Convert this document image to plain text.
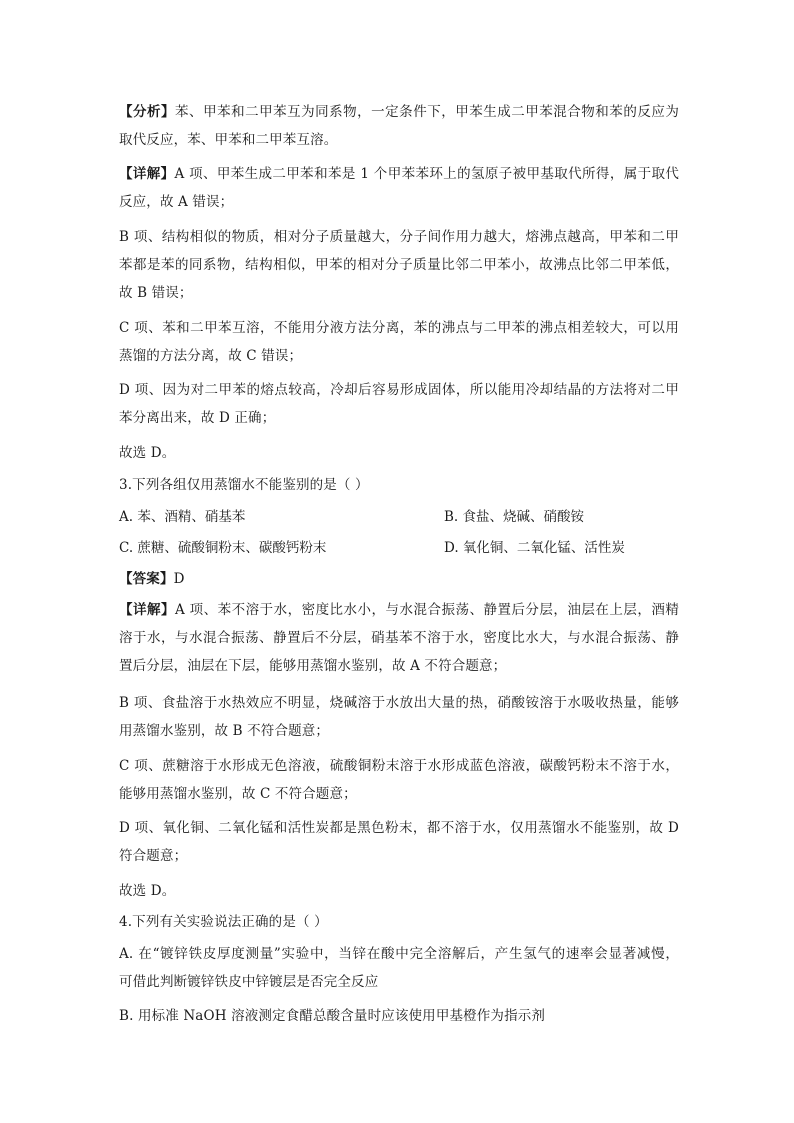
【分析】苯、甲苯和二甲苯互为同系物，一定条件下，甲苯生成二甲苯混合物和苯的反应为
取代反应，苯、甲苯和二甲苯互溶。
【详解】A 项、甲苯生成二甲苯和苯是 1 个甲苯苯环上的氢原子被甲基取代所得，属于取代
反应，故 A 错误；
B 项、结构相似的物质，相对分子质量越大，分子间作用力越大，熔沸点越高，甲苯和二甲
苯都是苯的同系物，结构相似，甲苯的相对分子质量比邻二甲苯小，故沸点比邻二甲苯低，
故 B 错误；
C 项、苯和二甲苯互溶，不能用分液方法分离，苯的沸点与二甲苯的沸点相差较大，可以用
蒸馏的方法分离，故 C 错误；
D 项、因为对二甲苯的熔点较高，冷却后容易形成固体，所以能用冷却结晶的方法将对二甲
苯分离出来，故 D 正确；
故选 D。
3.下列各组仅用蒸馏水不能鉴别的是（ ）
A. 苯、酒精、硝基苯	B. 食盐、烧碱、硝酸铵
C. 蔗糖、硫酸铜粉末、碳酸钙粉末	D. 氧化铜、二氧化锰、活性炭
【答案】D
【详解】A 项、苯不溶于水，密度比水小，与水混合振荡、静置后分层，油层在上层，酒精
溶于水，与水混合振荡、静置后不分层，硝基苯不溶于水，密度比水大，与水混合振荡、静
置后分层，油层在下层，能够用蒸馏水鉴别，故 A 不符合题意；
B 项、食盐溶于水热效应不明显，烧碱溶于水放出大量的热，硝酸铵溶于水吸收热量，能够
用蒸馏水鉴别，故 B 不符合题意；
C 项、蔗糖溶于水形成无色溶液，硫酸铜粉末溶于水形成蓝色溶液，碳酸钙粉末不溶于水，
能够用蒸馏水鉴别，故 C 不符合题意；
D 项、氧化铜、二氧化锰和活性炭都是黑色粉末，都不溶于水，仅用蒸馏水不能鉴别，故 D
符合题意；
故选 D。
4.下列有关实验说法正确的是（ ）
A. 在“镀锌铁皮厚度测量”实验中，当锌在酸中完全溶解后，产生氢气的速率会显著减慢，
可借此判断镀锌铁皮中锌镀层是否完全反应
B. 用标准 NaOH 溶液测定食醋总酸含量时应该使用甲基橙作为指示剂
